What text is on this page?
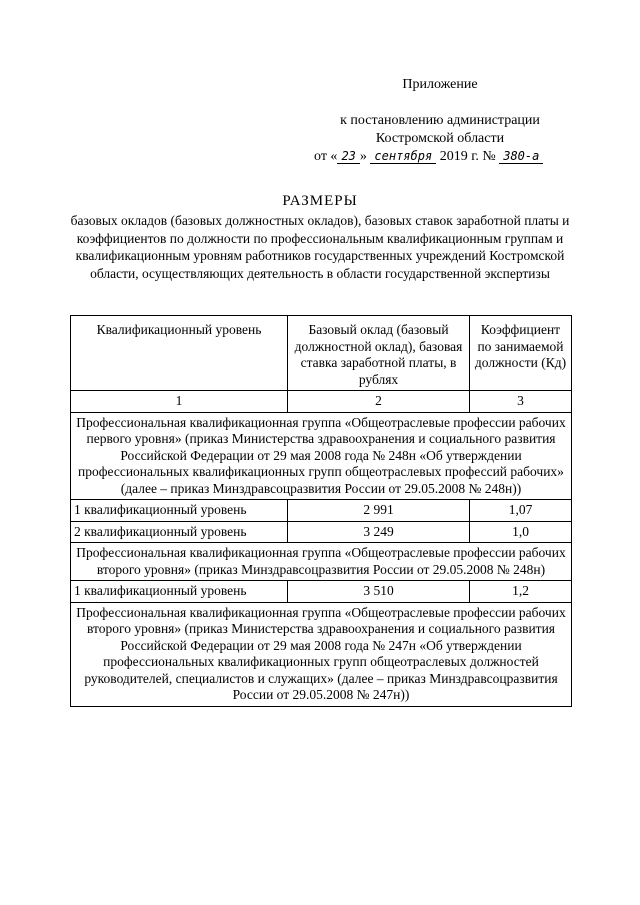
Приложение
к постановлению администрации
Костромской области
от « 23 » сентября 2019 г. № 380-а
РАЗМЕРЫ
базовых окладов (базовых должностных окладов), базовых ставок заработной платы и коэффициентов по должности по профессиональным квалификационным группам и квалификационным уровням работников государственных учреждений Костромской области, осуществляющих деятельность в области государственной экспертизы
Квалификационный уровень	Базовый оклад (базовый должностной оклад), базовая ставка заработной платы, в рублях	Коэффициент по занимаемой должности (Кд)
1	2	3
Профессиональная квалификационная группа «Общеотраслевые профессии рабочих первого уровня» (приказ Министерства здравоохранения и социального развития Российской Федерации от 29 мая 2008 года № 248н «Об утверждении профессиональных квалификационных групп общеотраслевых профессий рабочих» (далее – приказ Минздравсоцразвития России от 29.05.2008 № 248н))		
1 квалификационный уровень	2 991	1,07
2 квалификационный уровень	3 249	1,0
Профессиональная квалификационная группа «Общеотраслевые профессии рабочих второго уровня» (приказ Минздравсоцразвития России от 29.05.2008 № 248н)		
1 квалификационный уровень	3 510	1,2
Профессиональная квалификационная группа «Общеотраслевые профессии рабочих второго уровня» (приказ Министерства здравоохранения и социального развития Российской Федерации от 29 мая 2008 года № 247н «Об утверждении профессиональных квалификационных групп общеотраслевых должностей руководителей, специалистов и служащих» (далее – приказ Минздравсоцразвития России от 29.05.2008 № 247н))		
